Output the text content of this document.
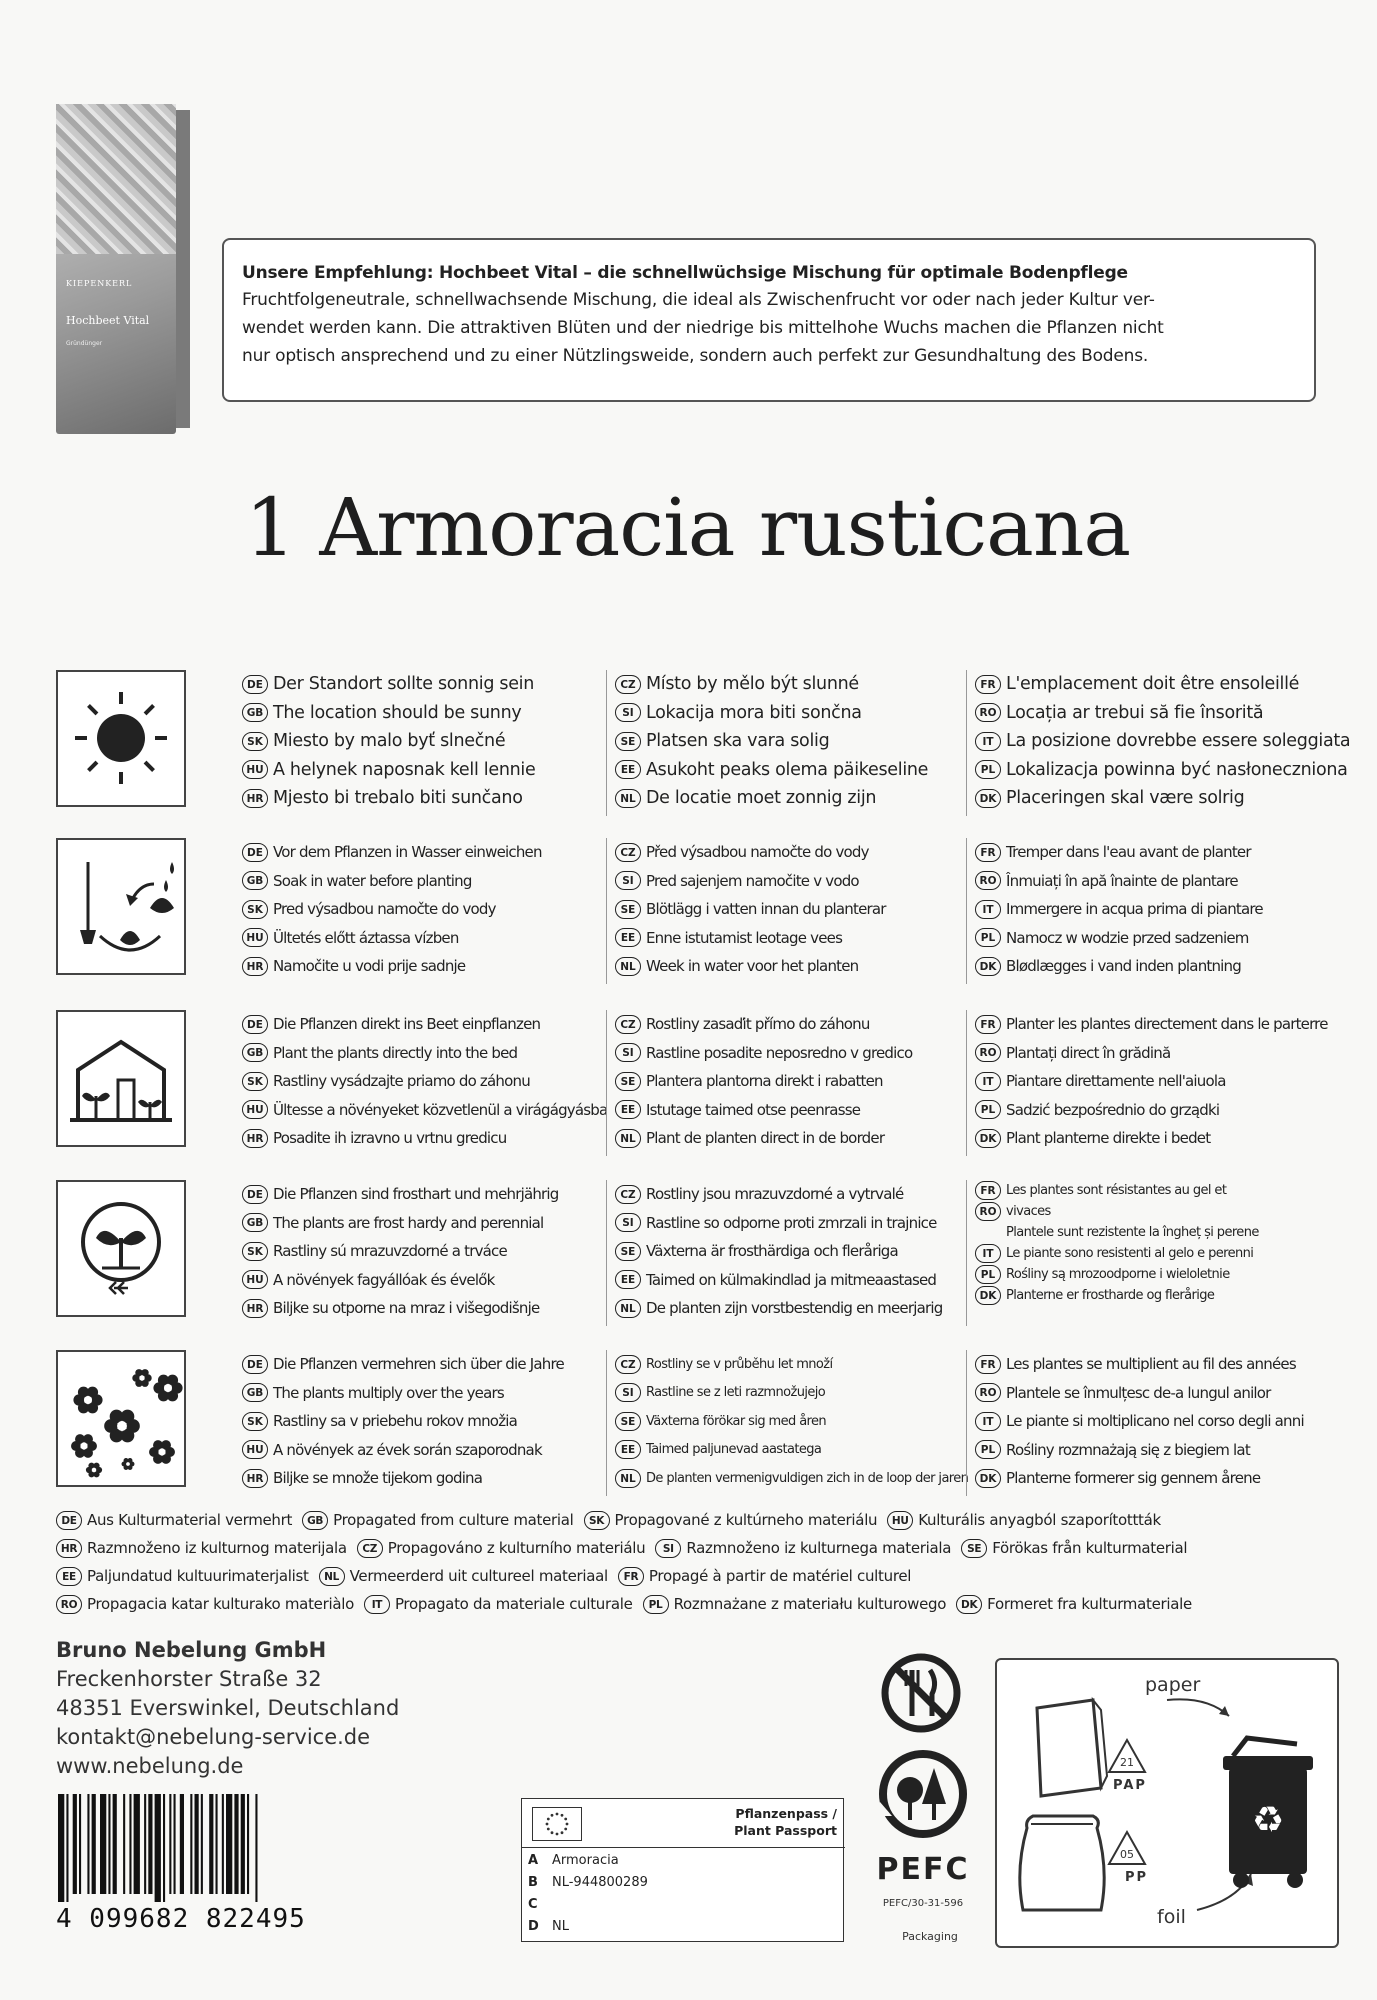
KIEPENKERL
Hochbeet Vital
Gründünger
Unsere Empfehlung: Hochbeet Vital – die schnellwüchsige Mischung für optimale Bodenpflege
Fruchtfolgeneutrale, schnellwachsende Mischung, die ideal als Zwischenfrucht vor oder nach jeder Kultur ver-
wendet werden kann. Die attraktiven Blüten und der niedrige bis mittelhohe Wuchs machen die Pflanzen nicht
nur optisch ansprechend und zu einer Nützlingsweide, sondern auch perfekt zur Gesundhaltung des Bodens.
1 Armoracia rusticana
DE Der Standort sollte sonnig sein
GB The location should be sunny
SK Miesto by malo byť slnečné
HU A helynek naposnak kell lennie
HR Mjesto bi trebalo biti sunčano
CZ Místo by mělo být slunné
SI Lokacija mora biti sončna
SE Platsen ska vara solig
EE Asukoht peaks olema päikeseline
NL De locatie moet zonnig zijn
FR L'emplacement doit être ensoleillé
RO Locația ar trebui să fie însorită
IT La posizione dovrebbe essere soleggiata
PL Lokalizacja powinna być nasłoneczniona
DK Placeringen skal være solrig
DE Vor dem Pflanzen in Wasser einweichen
GB Soak in water before planting
SK Pred výsadbou namočte do vody
HU Ültetés előtt áztassa vízben
HR Namočite u vodi prije sadnje
CZ Před výsadbou namočte do vody
SI Pred sajenjem namočite v vodo
SE Blötlägg i vatten innan du planterar
EE Enne istutamist leotage vees
NL Week in water voor het planten
FR Tremper dans l'eau avant de planter
RO Înmuiați în apă înainte de plantare
IT Immergere in acqua prima di piantare
PL Namocz w wodzie przed sadzeniem
DK Blødlægges i vand inden plantning
DE Die Pflanzen direkt ins Beet einpflanzen
GB Plant the plants directly into the bed
SK Rastliny vysádzajte priamo do záhonu
HU Ültesse a növényeket közvetlenül a virágágyásba
HR Posadite ih izravno u vrtnu gredicu
CZ Rostliny zasaďit přímo do záhonu
SI Rastline posadite neposredno v gredico
SE Plantera plantorna direkt i rabatten
EE Istutage taimed otse peenrasse
NL Plant de planten direct in de border
FR Planter les plantes directement dans le parterre
RO Plantați direct în grădină
IT Piantare direttamente nell'aiuola
PL Sadzić bezpośrednio do grządki
DK Plant planterne direkte i bedet
DE Die Pflanzen sind frosthart und mehrjährig
GB The plants are frost hardy and perennial
SK Rastliny sú mrazuvzdorné a trváce
HU A növények fagyállóak és évelők
HR Biljke su otporne na mraz i višegodišnje
CZ Rostliny jsou mrazuvzdorné a vytrvalé
SI Rastline so odporne proti zmrzali in trajnice
SE Växterna är frosthärdiga och fleråriga
EE Taimed on külmakindlad ja mitmeaastased
NL De planten zijn vorstbestendig en meerjarig
FR Les plantes sont résistantes au gel et
RO vivaces
Plantele sunt rezistente la îngheț și perene
IT Le piante sono resistenti al gelo e perenni
PL Rośliny są mrozoodporne i wieloletnie
DK Planterne er frostharde og flerårige
DE Die Pflanzen vermehren sich über die Jahre
GB The plants multiply over the years
SK Rastliny sa v priebehu rokov množia
HU A növények az évek során szaporodnak
HR Biljke se množe tijekom godina
CZ Rostliny se v průběhu let množí
SI Rastline se z leti razmnožujejo
SE Växterna förökar sig med åren
EE Taimed paljunevad aastatega
NL De planten vermenigvuldigen zich in de loop der jaren
FR Les plantes se multiplient au fil des années
RO Plantele se înmulțesc de-a lungul anilor
IT Le piante si moltiplicano nel corso degli anni
PL Rośliny rozmnażają się z biegiem lat
DK Planterne formerer sig gennem årene
DE Aus Kulturmaterial vermehrt	GB Propagated from culture material	SK Propagované z kultúrneho materiálu	HU Kulturális anyagból szaporítottták
HR Razmnoženo iz kulturnog materijala	CZ Propagováno z kulturního materiálu	SI Razmnoženo iz kulturnega materiala	SE Förökas från kulturmaterial
EE Paljundatud kultuurimaterjalist	NL Vermeerderd uit cultureel materiaal	FR Propagé à partir de matériel culturel
RO Propagacia katar kulturako materiàlo	IT Propagato da materiale culturale	PL Rozmnażane z materiału kulturowego	DK Formeret fra kulturmateriale
Bruno Nebelung GmbH
Freckenhorster Straße 32
48351 Everswinkel, Deutschland
kontakt@nebelung-service.de
www.nebelung.de
4 099682 822495
Pflanzenpass /
Plant Passport
A Armoracia
B NL-944800289
C
D NL
PEFC
PEFC/30-31-596
Packaging
paper
21
05
♻
PAP
PP
foil
